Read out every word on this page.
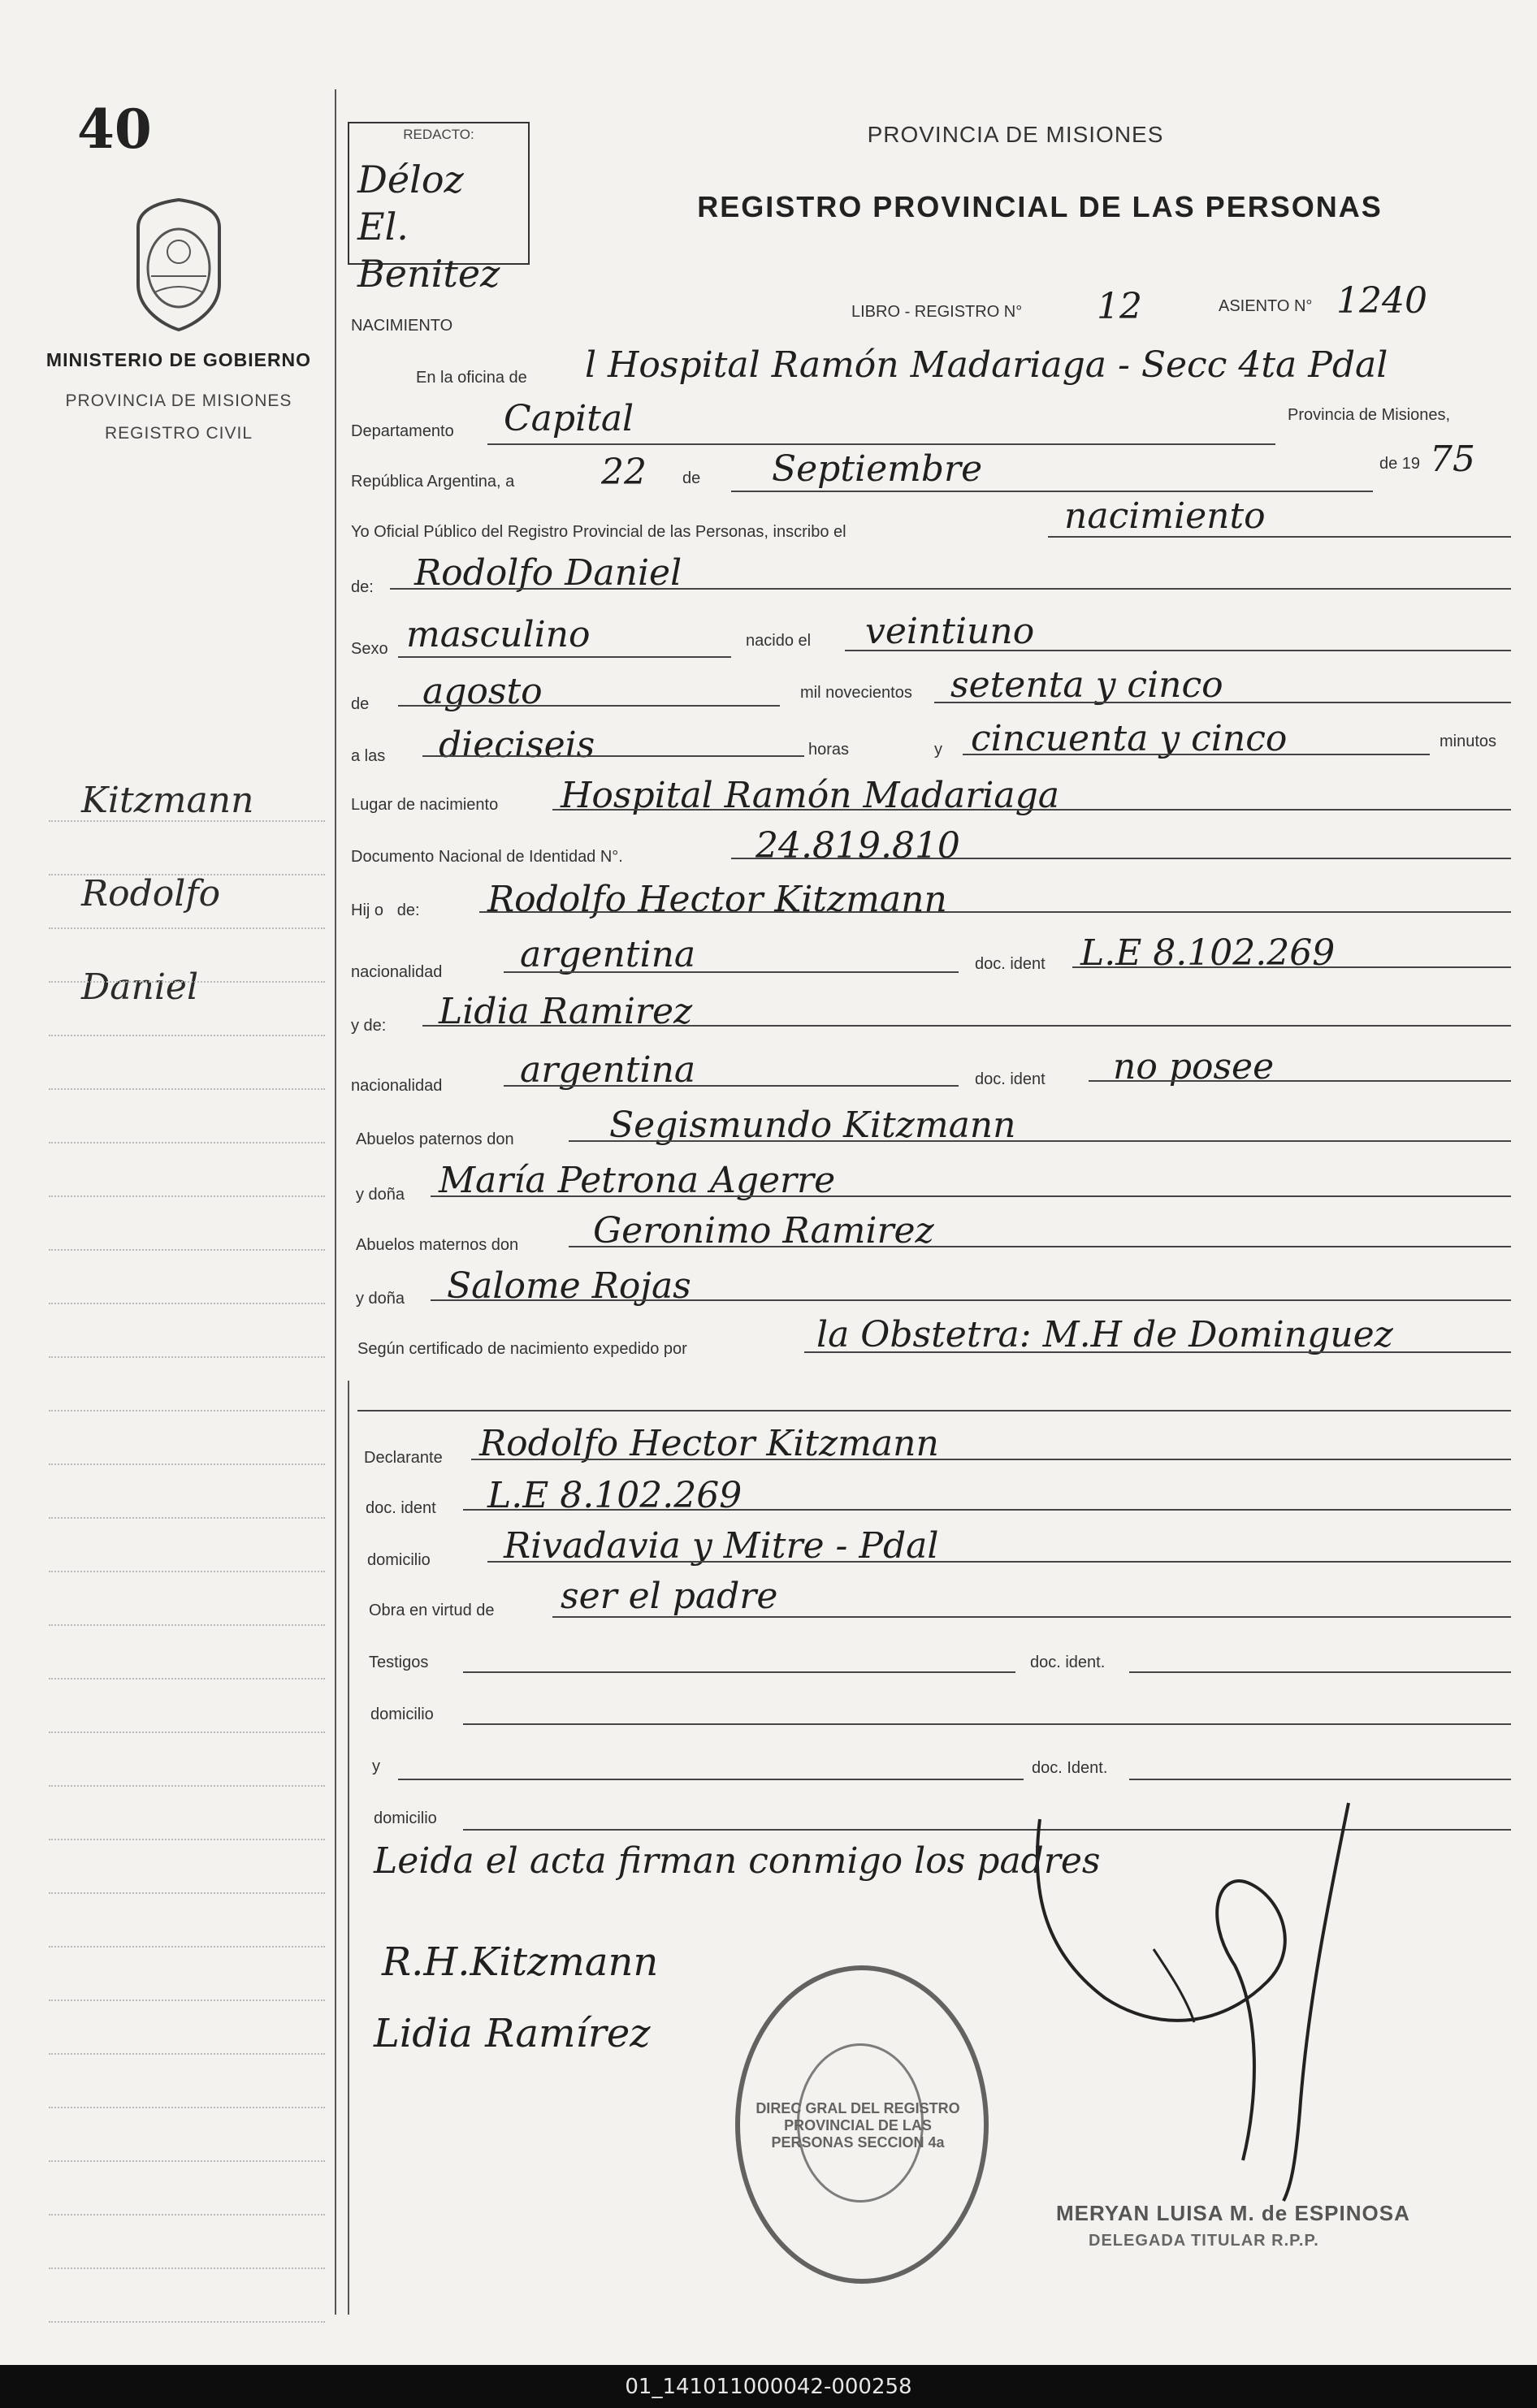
40
MINISTERIO DE GOBIERNO
PROVINCIA DE MISIONES
REGISTRO CIVIL
Kitzmann
Rodolfo
Daniel
REDACTO:
Déloz El. Benitez
PROVINCIA DE MISIONES
REGISTRO PROVINCIAL DE LAS PERSONAS
NACIMIENTO
LIBRO - REGISTRO N° 12	ASIENTO N° 1240
En la oficina de l Hospital Ramón Madariaga - Secc 4ta Pdal
Departamento Capital	Provincia de Misiones,
República Argentina, a 22 de Septiembre	de 19 75
Yo Oficial Público del Registro Provincial de las Personas, inscribo el	nacimiento
de: Rodolfo Daniel
Sexo masculino	nacido el veintiuno
de agosto	mil novecientos setenta y cinco
a las dieciseis	horas	y cincuenta y cinco	minutos
Lugar de nacimiento Hospital Ramón Madariaga
Documento Nacional de Identidad N°.	24.819.810
Hij o de: Rodolfo Hector Kitzmann
nacionalidad argentina	doc. ident L.E 8.102.269
y de: Lidia Ramirez
nacionalidad argentina	doc. ident no posee
Abuelos paternos don	Segismundo Kitzmann
y doña María Petrona Agerre
Abuelos maternos don Geronimo Ramirez
y doña Salome Rojas
Según certificado de nacimiento expedido por	la Obstetra: M.H de Dominguez
Declarante Rodolfo Hector Kitzmann
doc. ident L.E 8.102.269
domicilio Rivadavia y Mitre - Pdal
Obra en virtud de ser el padre
Testigos	doc. ident.
domicilio
y	doc. Ident.
domicilio
Leida el acta firman conmigo los padres
R.H.Kitzmann
Lidia Ramírez
DIREC GRAL DEL REGISTRO PROVINCIAL DE LAS PERSONAS SECCION 4a
MERYAN LUISA M. de ESPINOSA
DELEGADA TITULAR R.P.P.
01_141011000042-000258
